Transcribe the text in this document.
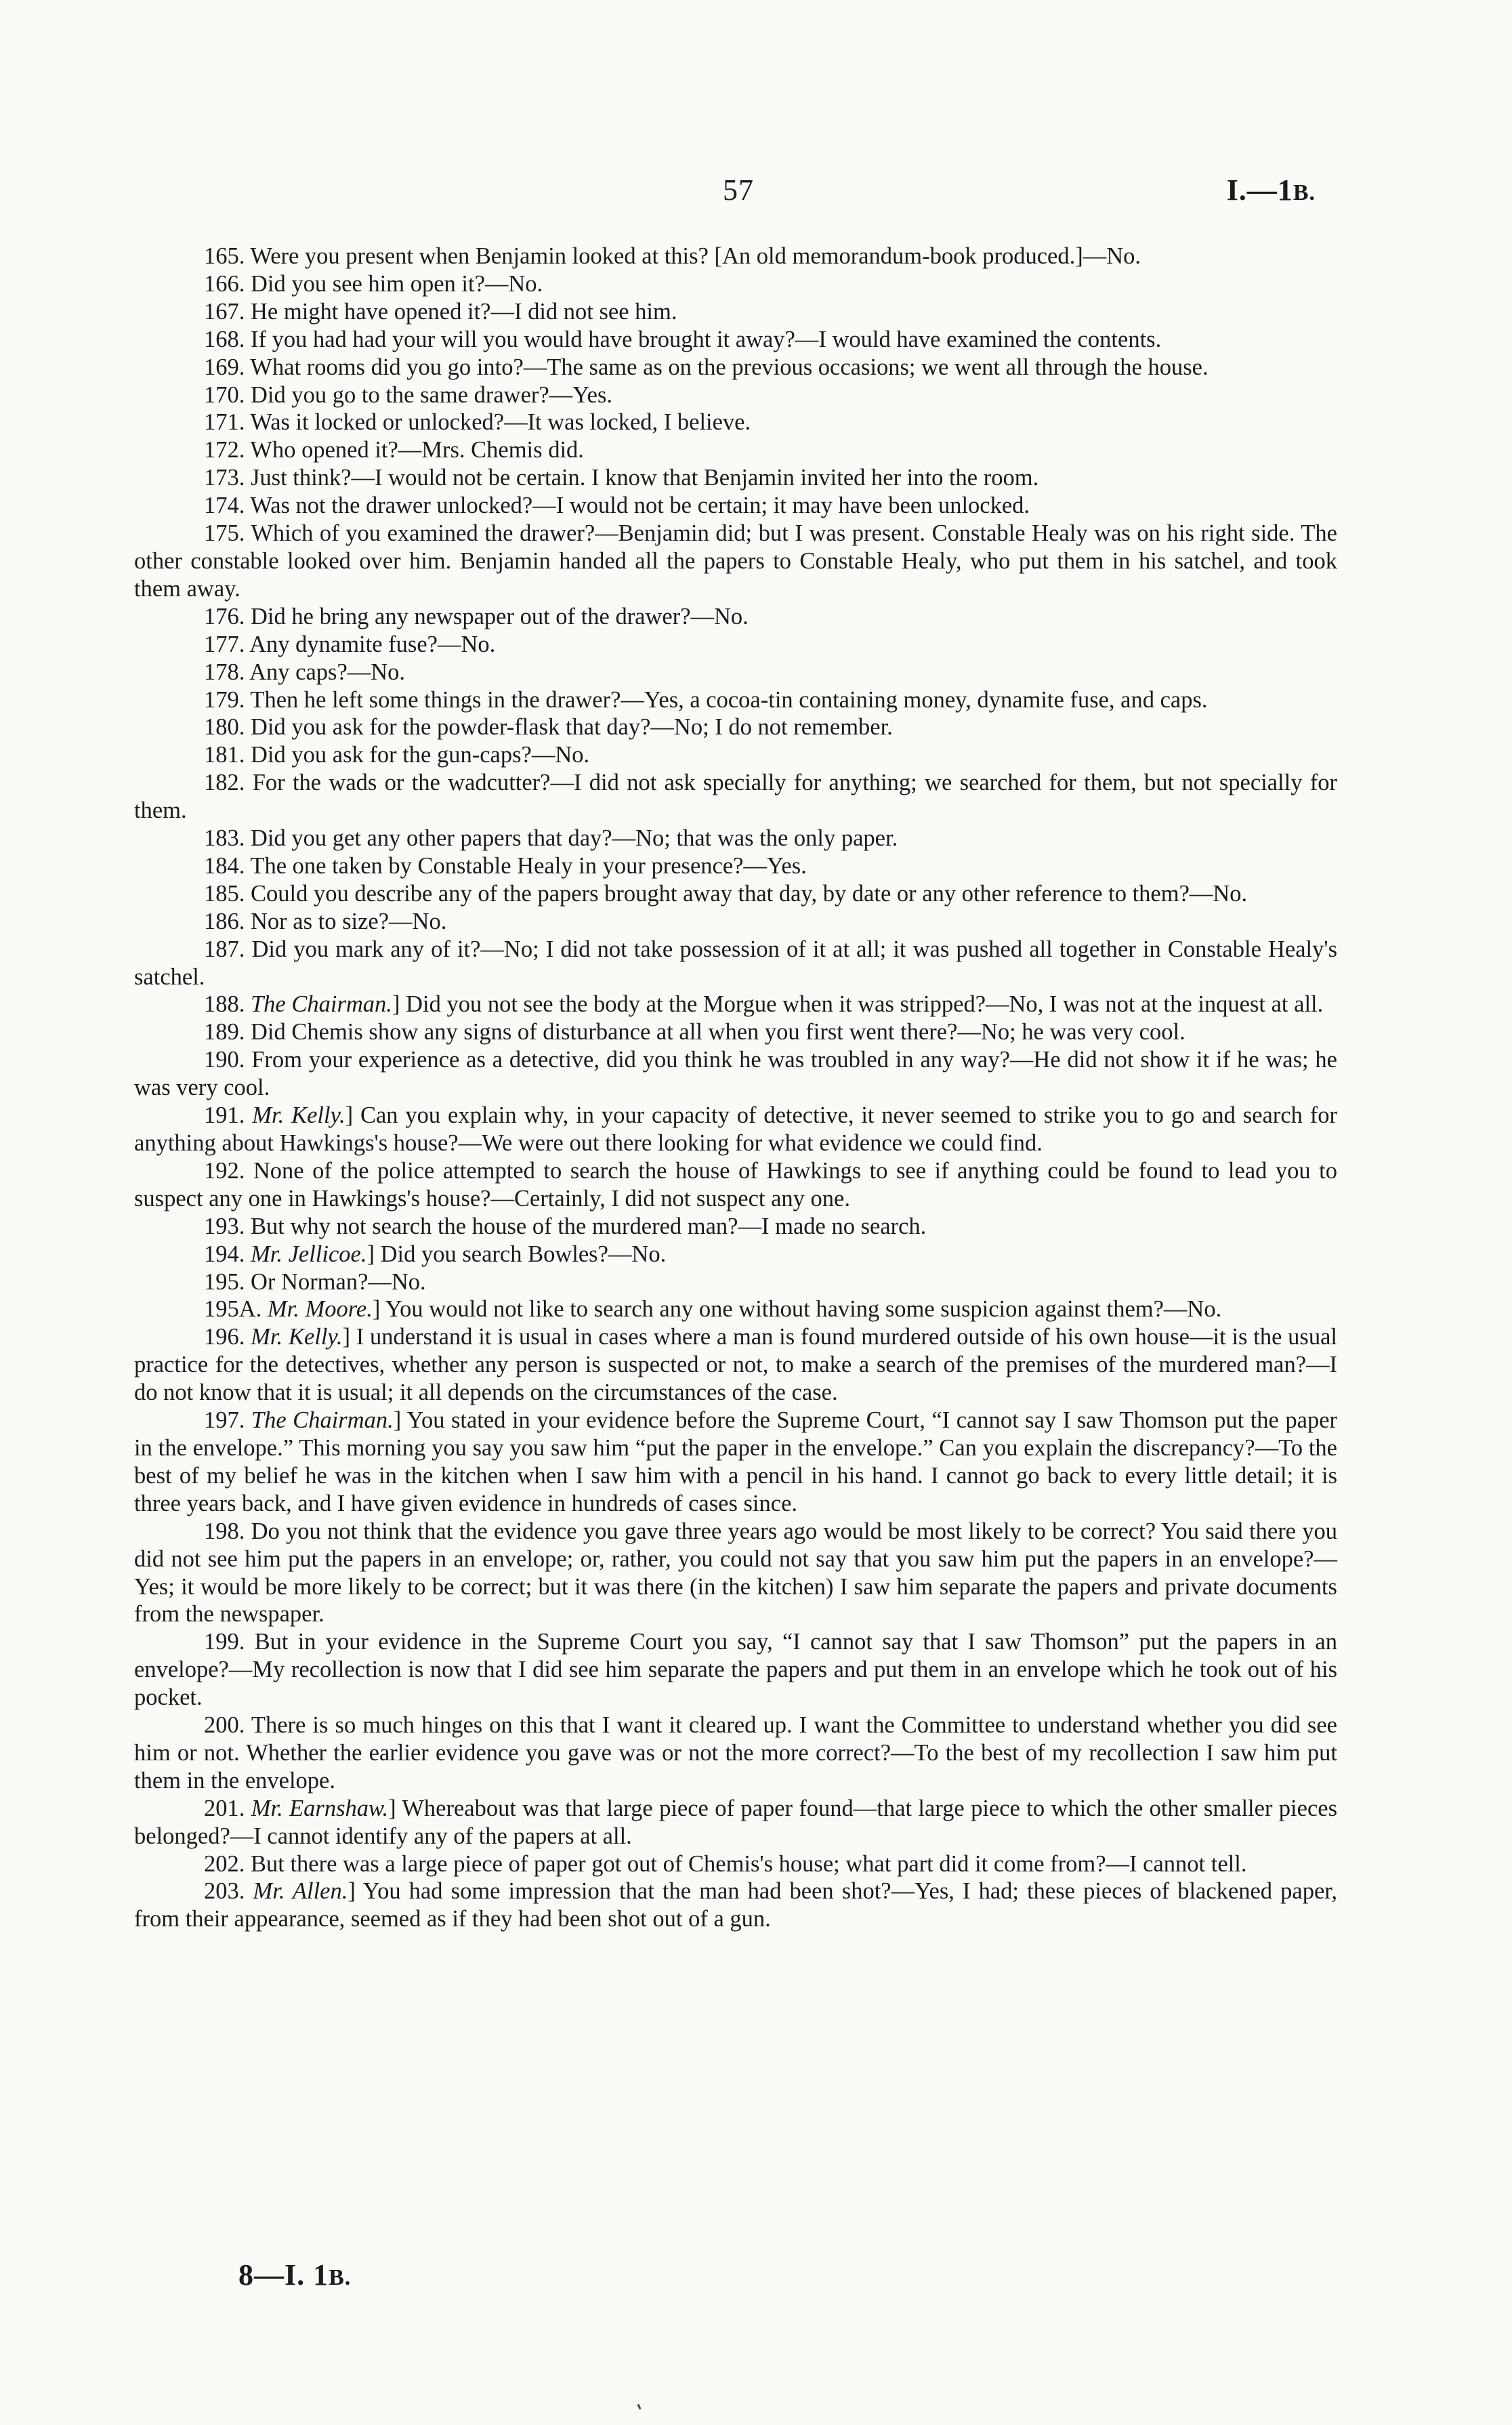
57	I.—1B.

165. Were you present when Benjamin looked at this? [An old memorandum-book produced.]—No.

166. Did you see him open it?—No.

167. He might have opened it?—I did not see him.

168. If you had had your will you would have brought it away?—I would have examined the contents.

169. What rooms did you go into?—The same as on the previous occasions; we went all through the house.

170. Did you go to the same drawer?—Yes.

171. Was it locked or unlocked?—It was locked, I believe.

172. Who opened it?—Mrs. Chemis did.

173. Just think?—I would not be certain. I know that Benjamin invited her into the room.

174. Was not the drawer unlocked?—I would not be certain; it may have been unlocked.

175. Which of you examined the drawer?—Benjamin did; but I was present. Constable Healy was on his right side. The other constable looked over him. Benjamin handed all the papers to Constable Healy, who put them in his satchel, and took them away.

176. Did he bring any newspaper out of the drawer?—No.

177. Any dynamite fuse?—No.

178. Any caps?—No.

179. Then he left some things in the drawer?—Yes, a cocoa-tin containing money, dynamite fuse, and caps.

180. Did you ask for the powder-flask that day?—No; I do not remember.

181. Did you ask for the gun-caps?—No.

182. For the wads or the wadcutter?—I did not ask specially for anything; we searched for them, but not specially for them.

183. Did you get any other papers that day?—No; that was the only paper.

184. The one taken by Constable Healy in your presence?—Yes.

185. Could you describe any of the papers brought away that day, by date or any other reference to them?—No.

186. Nor as to size?—No.

187. Did you mark any of it?—No; I did not take possession of it at all; it was pushed all together in Constable Healy's satchel.

188. The Chairman.] Did you not see the body at the Morgue when it was stripped?—No, I was not at the inquest at all.

189. Did Chemis show any signs of disturbance at all when you first went there?—No; he was very cool.

190. From your experience as a detective, did you think he was troubled in any way?—He did not show it if he was; he was very cool.

191. Mr. Kelly.] Can you explain why, in your capacity of detective, it never seemed to strike you to go and search for anything about Hawkings's house?—We were out there looking for what evidence we could find.

192. None of the police attempted to search the house of Hawkings to see if anything could be found to lead you to suspect any one in Hawkings's house?—Certainly, I did not suspect any one.

193. But why not search the house of the murdered man?—I made no search.

194. Mr. Jellicoe.] Did you search Bowles?—No.

195. Or Norman?—No.

195A. Mr. Moore.] You would not like to search any one without having some suspicion against them?—No.

196. Mr. Kelly.] I understand it is usual in cases where a man is found murdered outside of his own house—it is the usual practice for the detectives, whether any person is suspected or not, to make a search of the premises of the murdered man?—I do not know that it is usual; it all depends on the circumstances of the case.

197. The Chairman.] You stated in your evidence before the Supreme Court, “I cannot say I saw Thomson put the paper in the envelope.” This morning you say you saw him “put the paper in the envelope.” Can you explain the discrepancy?—To the best of my belief he was in the kitchen when I saw him with a pencil in his hand. I cannot go back to every little detail; it is three years back, and I have given evidence in hundreds of cases since.

198. Do you not think that the evidence you gave three years ago would be most likely to be correct? You said there you did not see him put the papers in an envelope; or, rather, you could not say that you saw him put the papers in an envelope?—Yes; it would be more likely to be correct; but it was there (in the kitchen) I saw him separate the papers and private documents from the newspaper.

199. But in your evidence in the Supreme Court you say, “I cannot say that I saw Thomson” put the papers in an envelope?—My recollection is now that I did see him separate the papers and put them in an envelope which he took out of his pocket.

200. There is so much hinges on this that I want it cleared up. I want the Committee to understand whether you did see him or not. Whether the earlier evidence you gave was or not the more correct?—To the best of my recollection I saw him put them in the envelope.

201. Mr. Earnshaw.] Whereabout was that large piece of paper found—that large piece to which the other smaller pieces belonged?—I cannot identify any of the papers at all.

202. But there was a large piece of paper got out of Chemis's house; what part did it come from?—I cannot tell.

203. Mr. Allen.] You had some impression that the man had been shot?—Yes, I had; these pieces of blackened paper, from their appearance, seemed as if they had been shot out of a gun.

8—I. 1B.
